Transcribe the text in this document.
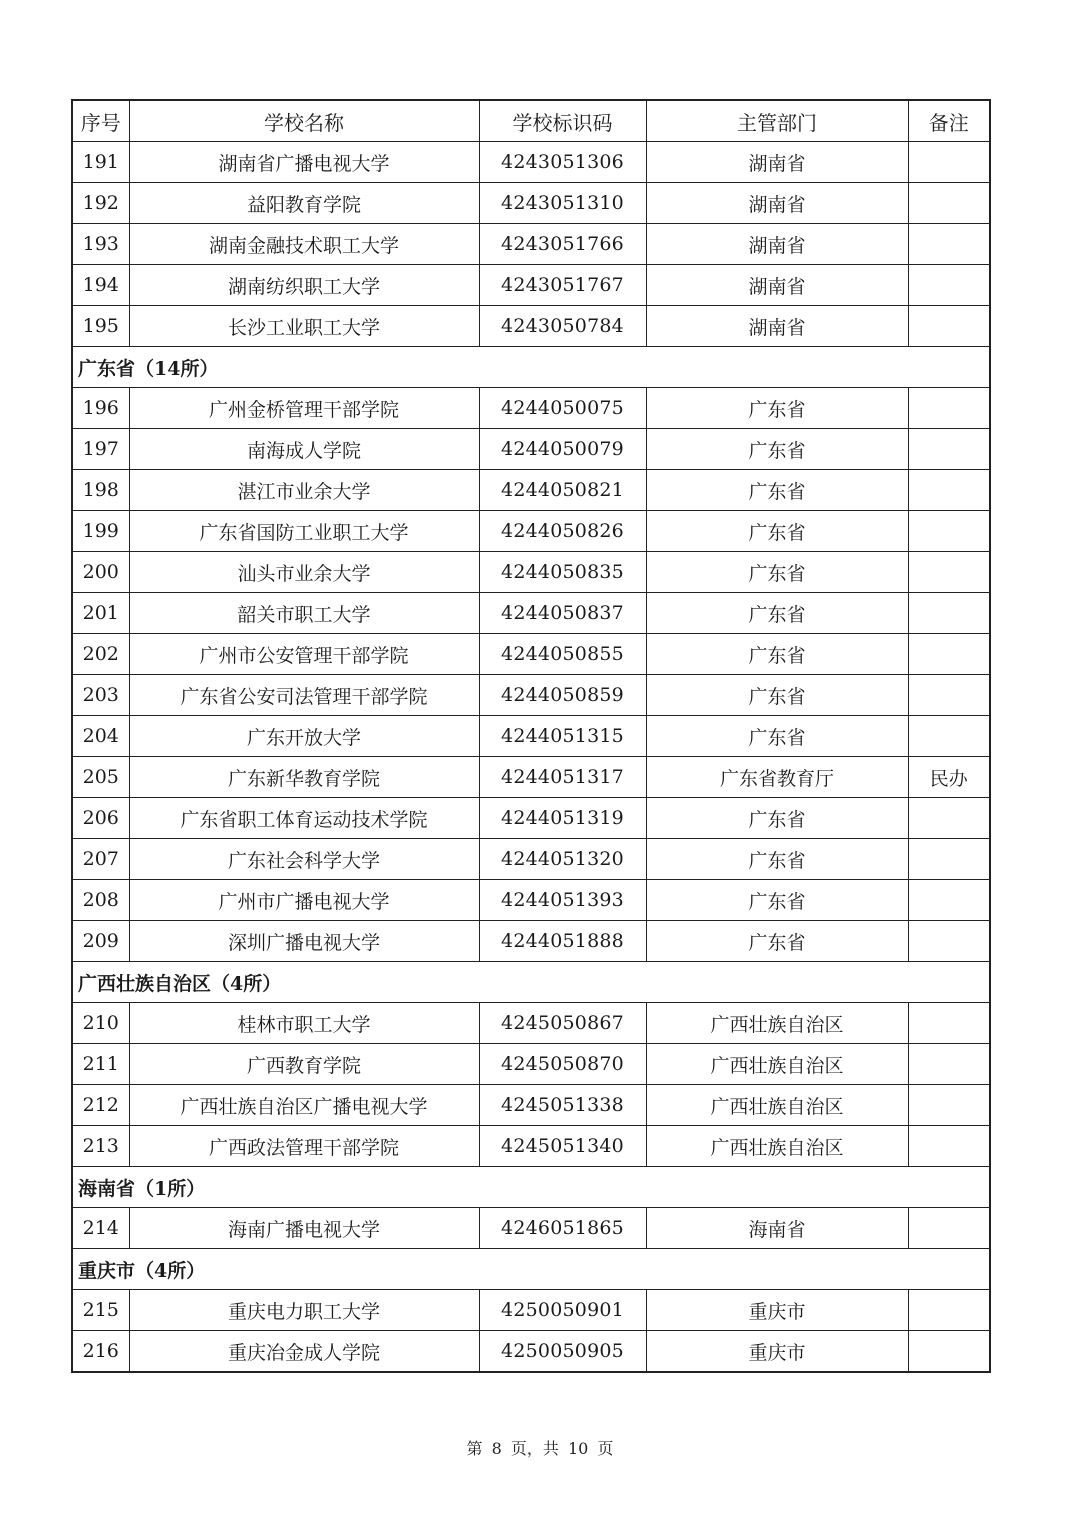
序号	学校名称	学校标识码	主管部门	备注
191	湖南省广播电视大学	4243051306	湖南省	
192	益阳教育学院	4243051310	湖南省	
193	湖南金融技术职工大学	4243051766	湖南省	
194	湖南纺织职工大学	4243051767	湖南省	
195	长沙工业职工大学	4243050784	湖南省	
广东省（14所）				
196	广州金桥管理干部学院	4244050075	广东省	
197	南海成人学院	4244050079	广东省	
198	湛江市业余大学	4244050821	广东省	
199	广东省国防工业职工大学	4244050826	广东省	
200	汕头市业余大学	4244050835	广东省	
201	韶关市职工大学	4244050837	广东省	
202	广州市公安管理干部学院	4244050855	广东省	
203	广东省公安司法管理干部学院	4244050859	广东省	
204	广东开放大学	4244051315	广东省	
205	广东新华教育学院	4244051317	广东省教育厅	民办
206	广东省职工体育运动技术学院	4244051319	广东省	
207	广东社会科学大学	4244051320	广东省	
208	广州市广播电视大学	4244051393	广东省	
209	深圳广播电视大学	4244051888	广东省	
广西壮族自治区（4所）				
210	桂林市职工大学	4245050867	广西壮族自治区	
211	广西教育学院	4245050870	广西壮族自治区	
212	广西壮族自治区广播电视大学	4245051338	广西壮族自治区	
213	广西政法管理干部学院	4245051340	广西壮族自治区	
海南省（1所）				
214	海南广播电视大学	4246051865	海南省	
重庆市（4所）				
215	重庆电力职工大学	4250050901	重庆市	
216	重庆冶金成人学院	4250050905	重庆市	
第 8 页，共 10 页
